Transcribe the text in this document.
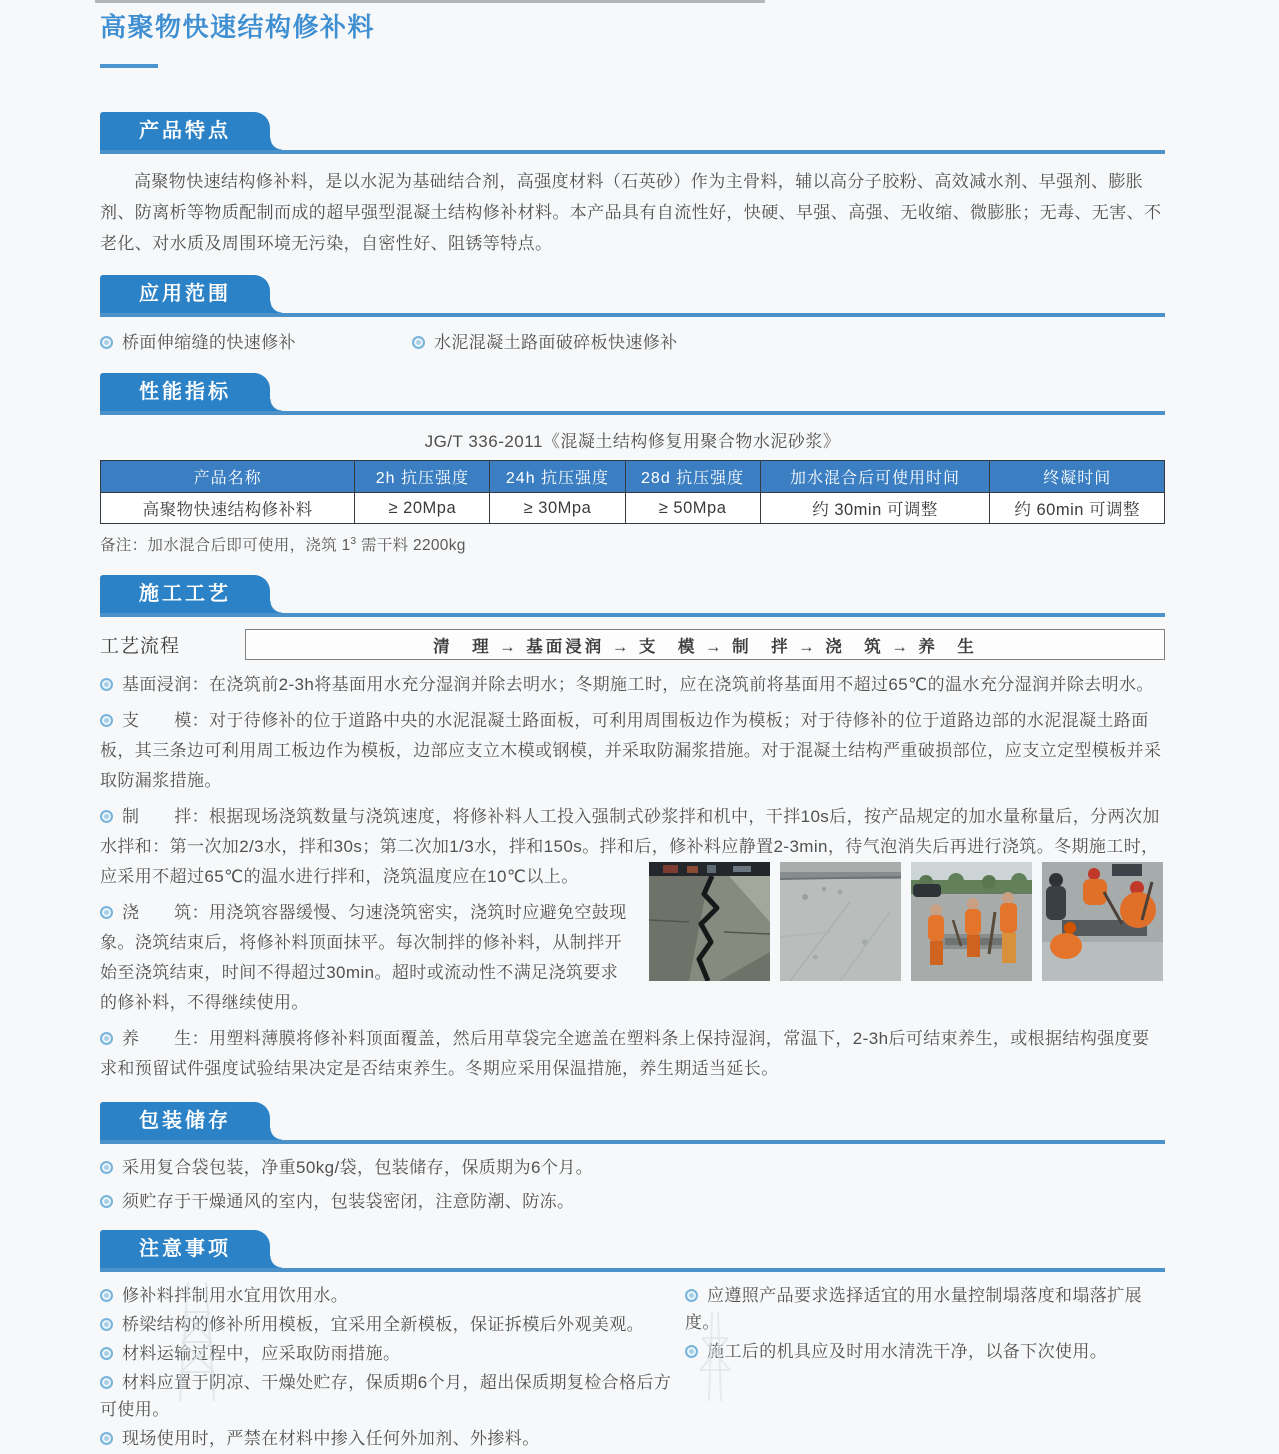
高聚物快速结构修补料
产品特点

高聚物快速结构修补料，是以水泥为基础结合剂，高强度材料（石英砂）作为主骨料，辅以高分子胶粉、高效减水剂、早强剂、膨胀剂、防离析等物质配制而成的超早强型混凝土结构修补材料。本产品具有自流性好，快硬、早强、高强、无收缩、微膨胀；无毒、无害、不老化、对水质及周围环境无污染，自密性好、阻锈等特点。

应用范围

桥面伸缩缝的快速修补	水泥混凝土路面破碎板快速修补

性能指标

JG/T 336-2011《混凝土结构修复用聚合物水泥砂浆》

产品名称	2h 抗压强度	24h 抗压强度	28d 抗压强度	加水混合后可使用时间	终凝时间
高聚物快速结构修补料	≥ 20Mpa	≥ 30Mpa	≥ 50Mpa	约 30min 可调整	约 60min 可调整

备注：加水混合后即可使用，浇筑 $1^3$ 需干料 2200kg

施工工艺
工艺流程	清　理 → 基面浸润 → 支　模 → 制　拌 → 浇　筑 → 养　生

基面浸润：在浇筑前2-3h将基面用水充分湿润并除去明水；冬期施工时，应在浇筑前将基面用不超过65℃的温水充分湿润并除去明水。

支　　模：对于待修补的位于道路中央的水泥混凝土路面板，可利用周围板边作为模板；对于待修补的位于道路边部的水泥混凝土路面板，其三条边可利用周工板边作为模板，边部应支立木模或钢模，并采取防漏浆措施。对于混凝土结构严重破损部位，应支立定型模板并采取防漏浆措施。

制　　拌：根据现场浇筑数量与浇筑速度，将修补料人工投入强制式砂浆拌和机中，干拌10s后，按产品规定的加水量称量后，分两次加水拌和：第一次加2/3水，拌和30s；第二次加1/3水，拌和150s。拌和后，修补料应静置2-3min，待气泡消失后再进行浇筑。冬期施工时，应采用不超过65℃的温水进行拌和，浇筑温度应在10℃以上。

浇　　筑：用浇筑容器缓慢、匀速浇筑密实，浇筑时应避免空鼓现象。浇筑结束后，将修补料顶面抹平。每次制拌的修补料，从制拌开始至浇筑结束，时间不得超过30min。超时或流动性不满足浇筑要求的修补料，不得继续使用。

养　　生：用塑料薄膜将修补料顶面覆盖，然后用草袋完全遮盖在塑料条上保持湿润，常温下，2-3h后可结束养生，或根据结构强度要求和预留试件强度试验结果决定是否结束养生。冬期应采用保温措施，养生期适当延长。

包装储存

采用复合袋包装，净重50kg/袋，包装储存，保质期为6个月。

须贮存于干燥通风的室内，包装袋密闭，注意防潮、防冻。

注意事项

修补料拌制用水宜用饮用水。

桥梁结构的修补所用模板，宜采用全新模板，保证拆模后外观美观。

材料运输过程中，应采取防雨措施。

材料应置于阴凉、干燥处贮存，保质期6个月，超出保质期复检合格后方可使用。

现场使用时，严禁在材料中掺入任何外加剂、外掺料。

应遵照产品要求选择适宜的用水量控制塌落度和塌落扩展度。

施工后的机具应及时用水清洗干净，以备下次使用。
